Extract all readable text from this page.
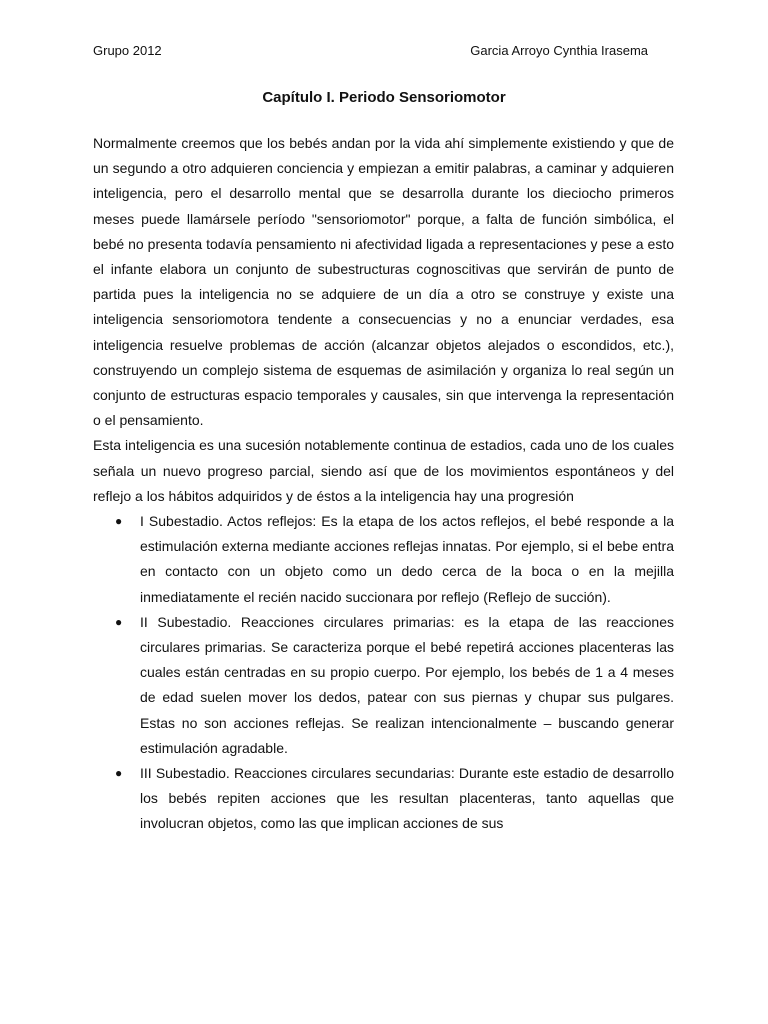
Grupo 2012	Garcia Arroyo Cynthia Irasema
Capítulo I. Periodo Sensoriomotor

Normalmente creemos que los bebés andan por la vida ahí simplemente existiendo y que de un segundo a otro adquieren conciencia y empiezan a emitir palabras, a caminar y adquieren inteligencia, pero el desarrollo mental que se desarrolla durante los dieciocho primeros meses puede llamársele período "sensoriomotor" porque, a falta de función simbólica, el bebé no presenta todavía pensamiento ni afectividad ligada a representaciones y pese a esto el infante elabora un conjunto de subestructuras cognoscitivas que servirán de punto de partida pues la inteligencia no se adquiere de un día a otro se construye y existe una inteligencia sensoriomotora tendente a consecuencias y no a enunciar verdades, esa inteligencia resuelve problemas de acción (alcanzar objetos alejados o escondidos, etc.), construyendo un complejo sistema de esquemas de asimilación y organiza lo real según un conjunto de estructuras espacio temporales y causales, sin que intervenga la representación o el pensamiento.

Esta inteligencia es una sucesión notablemente continua de estadios, cada uno de los cuales señala un nuevo progreso parcial, siendo así que de los movimientos espontáneos y del reflejo a los hábitos adquiridos y de éstos a la inteligencia hay una progresión

● I Subestadio. Actos reflejos: Es la etapa de los actos reflejos, el bebé responde a la estimulación externa mediante acciones reflejas innatas. Por ejemplo, si el bebe entra en contacto con un objeto como un dedo cerca de la boca o en la mejilla inmediatamente el recién nacido succionara por reflejo (Reflejo de succión).
● II Subestadio. Reacciones circulares primarias: es la etapa de las reacciones circulares primarias. Se caracteriza porque el bebé repetirá acciones placenteras las cuales están centradas en su propio cuerpo. Por ejemplo, los bebés de 1 a 4 meses de edad suelen mover los dedos, patear con sus piernas y chupar sus pulgares. Estas no son acciones reflejas. Se realizan intencionalmente – buscando generar estimulación agradable.
● III Subestadio. Reacciones circulares secundarias: Durante este estadio de desarrollo los bebés repiten acciones que les resultan placenteras, tanto aquellas que involucran objetos, como las que implican acciones de sus
